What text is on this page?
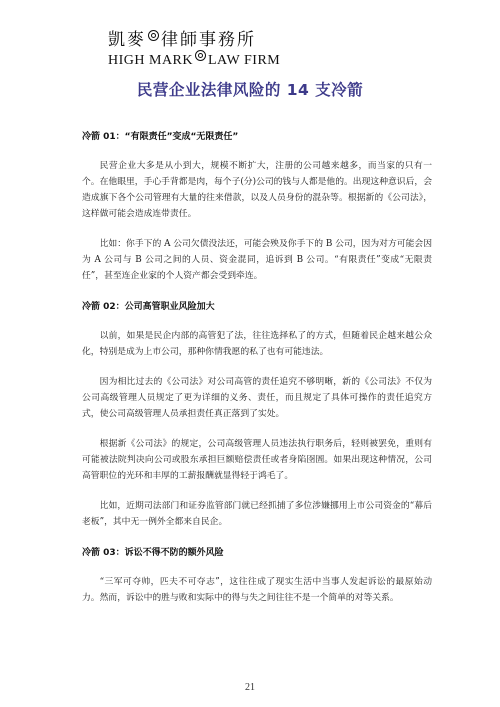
凱麥 律師事務所
HIGH MARK LAW FIRM
民营企业法律风险的 14 支冷箭

冷箭 01：“有限责任”变成“无限责任”

民营企业大多是从小到大，规模不断扩大，注册的公司越来越多，而当家的只有一个。在他眼里，手心手背都是肉，每个子(分)公司的钱与人都是他的。出现这种意识后，会造成旗下各个公司管理有大量的往来借款，以及人员身份的混杂等。根据新的《公司法》，这样做可能会造成连带责任。

比如：你手下的 A 公司欠债没法还，可能会殃及你手下的 B 公司，因为对方可能会因为 A 公司与 B 公司之间的人员、资金混同，追诉到 B 公司。“有限责任”变成“无限责任”，甚至连企业家的个人资产都会受到牵连。

冷箭 02：公司高管职业风险加大

以前，如果是民企内部的高管犯了法，往往选择私了的方式，但随着民企越来越公众化，特别是成为上市公司，那种你情我愿的私了也有可能违法。

因为相比过去的《公司法》对公司高管的责任追究不够明晰，新的《公司法》不仅为公司高级管理人员规定了更为详细的义务、责任，而且规定了具体可操作的责任追究方式，使公司高级管理人员承担责任真正落到了实处。

根据新《公司法》的规定，公司高级管理人员违法执行职务后，轻则被罢免，重则有可能被法院判决向公司或股东承担巨额赔偿责任或者身陷囹圄。如果出现这种情况，公司高管职位的光环和丰厚的工薪报酬就显得轻于鸿毛了。

比如，近期司法部门和证券监管部门就已经抓捕了多位涉嫌挪用上市公司资金的“幕后老板”，其中无一例外全都来自民企。

冷箭 03：诉讼不得不防的额外风险

“三军可夺帅，匹夫不可夺志”，这往往成了现实生活中当事人发起诉讼的最原始动力。然而，诉讼中的胜与败和实际中的得与失之间往往不是一个简单的对等关系。

21
